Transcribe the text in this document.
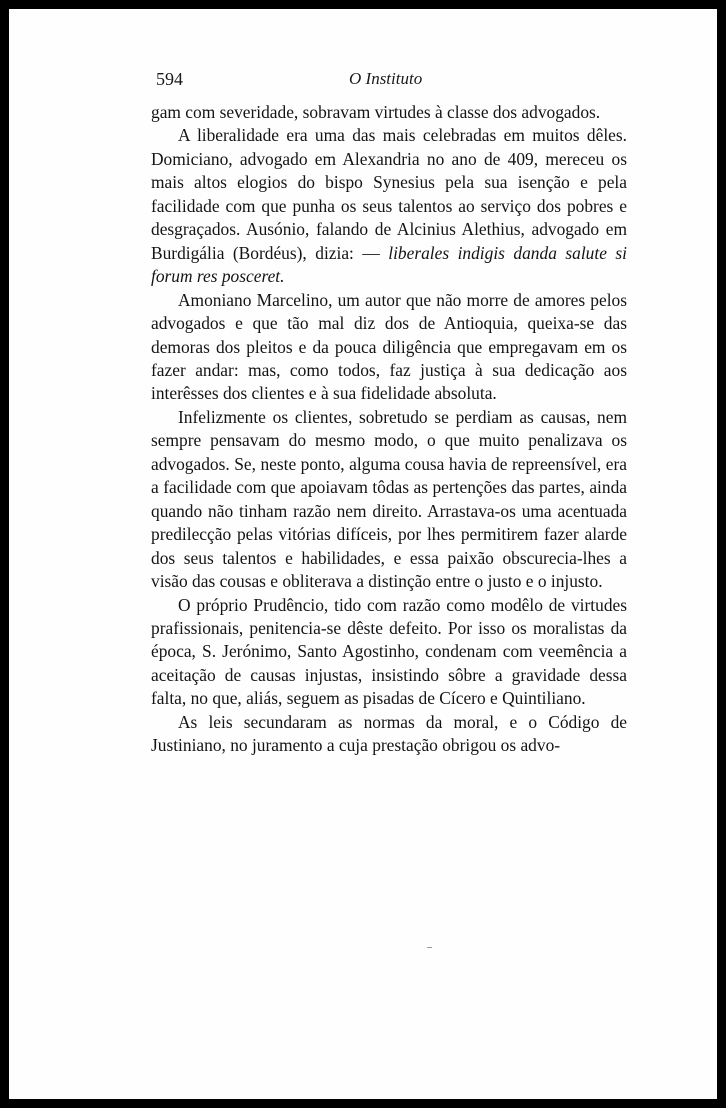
594	O Instituto

gam com severidade, sobravam virtudes à classe dos advogados.

A liberalidade era uma das mais celebradas em muitos dêles. Domiciano, advogado em Alexandria no ano de 409, mereceu os mais altos elogios do bispo Synesius pela sua isenção e pela facilidade com que punha os seus talentos ao serviço dos pobres e desgraçados. Ausónio, falando de Alcinius Alethius, advogado em Burdigália (Bordéus), dizia: — liberales indigis danda salute si forum res posceret.

Amoniano Marcelino, um autor que não morre de amores pelos advogados e que tão mal diz dos de Antioquia, queixa-se das demoras dos pleitos e da pouca diligência que empregavam em os fazer andar: mas, como todos, faz justiça à sua dedicação aos interêsses dos clientes e à sua fidelidade absoluta.

Infelizmente os clientes, sobretudo se perdiam as causas, nem sempre pensavam do mesmo modo, o que muito penalizava os advogados. Se, neste ponto, alguma cousa havia de repreensível, era a facilidade com que apoiavam tôdas as pertenções das partes, ainda quando não tinham razão nem direito. Arrastava-os uma acentuada predilecção pelas vitórias difíceis, por lhes permitirem fazer alarde dos seus talentos e habilidades, e essa paixão obscurecia-lhes a visão das cousas e obliterava a distinção entre o justo e o injusto.

O próprio Prudêncio, tido com razão como modêlo de virtudes prafissionais, penitencia-se dêste defeito. Por isso os moralistas da época, S. Jerónimo, Santo Agostinho, condenam com veemência a aceitação de causas injustas, insistindo sôbre a gravidade dessa falta, no que, aliás, seguem as pisadas de Cícero e Quintiliano.

As leis secundaram as normas da moral, e o Código de Justiniano, no juramento a cuja prestação obrigou os advo-
